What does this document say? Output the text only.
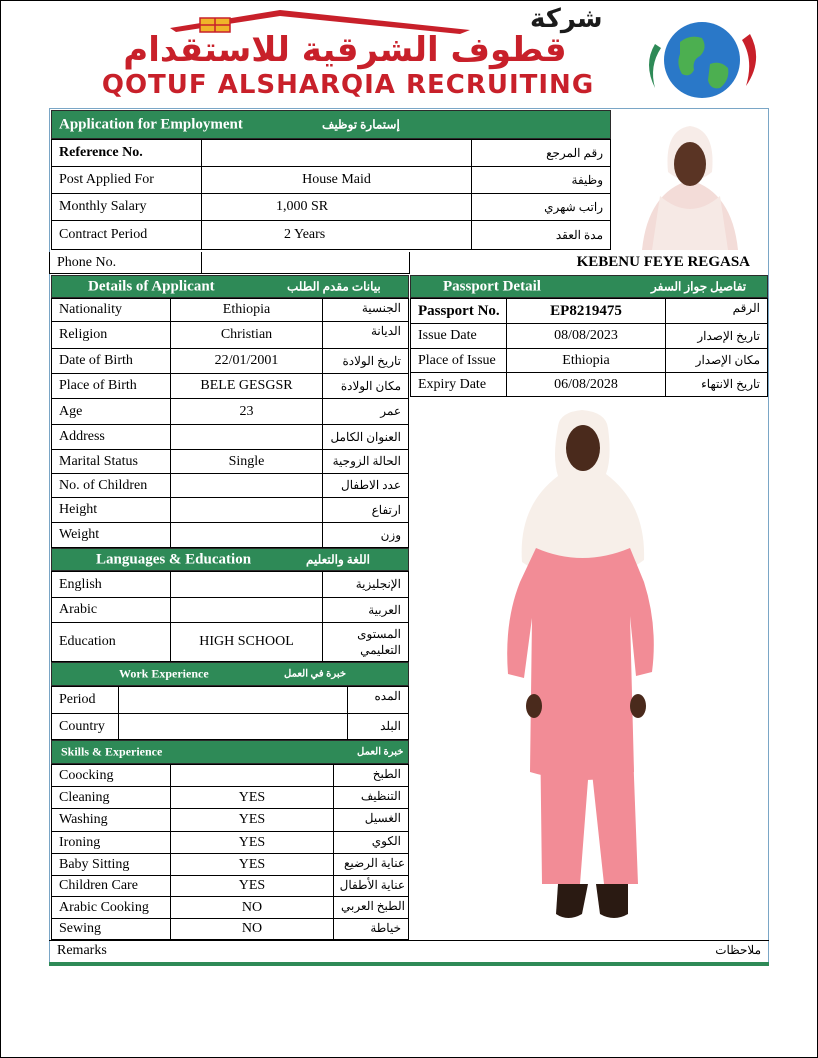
شركة
قطوف الشرقية للاستقدام
QOTUF ALSHARQIA RECRUITING
Application for Employment	إستمارة توظيف
Reference No.	رقم المرجع
Post Applied For	House Maid	وظيفة
Monthly Salary	1,000 SR	راتب شهري
Contract Period	2 Years	مدة العقد
Phone No.	KEBENU FEYE REGASA
Details of Applicant	بيانات مقدم الطلب
Nationality	Ethiopia	الجنسية
Religion	Christian	الديانة
Date of Birth	22/01/2001	تاريخ الولادة
Place of Birth	BELE GESGSR	مكان الولادة
Age	23	عمر
Address	العنوان الكامل
Marital Status	Single	الحالة الزوجية
No. of Children	عدد الاطفال
Height	ارتفاع
Weight	وزن
Passport Detail	تفاصيل جواز السفر
Passport No.	EP8219475	الرقم
Issue Date	08/08/2023	تاريخ الإصدار
Place of Issue	Ethiopia	مكان الإصدار
Expiry Date	06/08/2028	تاريخ الانتهاء
Languages & Education	اللغة والتعليم
English	الإنجليزية
Arabic	العربية
Education	HIGH SCHOOL	المستوى
التعليمي
Work Experience	خبرة في العمل
Period	المده
Country	البلد
Skills & Experience	خبرة العمل
Coocking	الطبخ
Cleaning	YES	التنظيف
Washing	YES	الغسيل
Ironing	YES	الكوي
Baby Sitting	YES	عناية الرضيع
Children Care	YES	عناية الأطفال
Arabic Cooking	NO	الطبخ العربي
Sewing	NO	خياطة
Remarks	ملاحظات
